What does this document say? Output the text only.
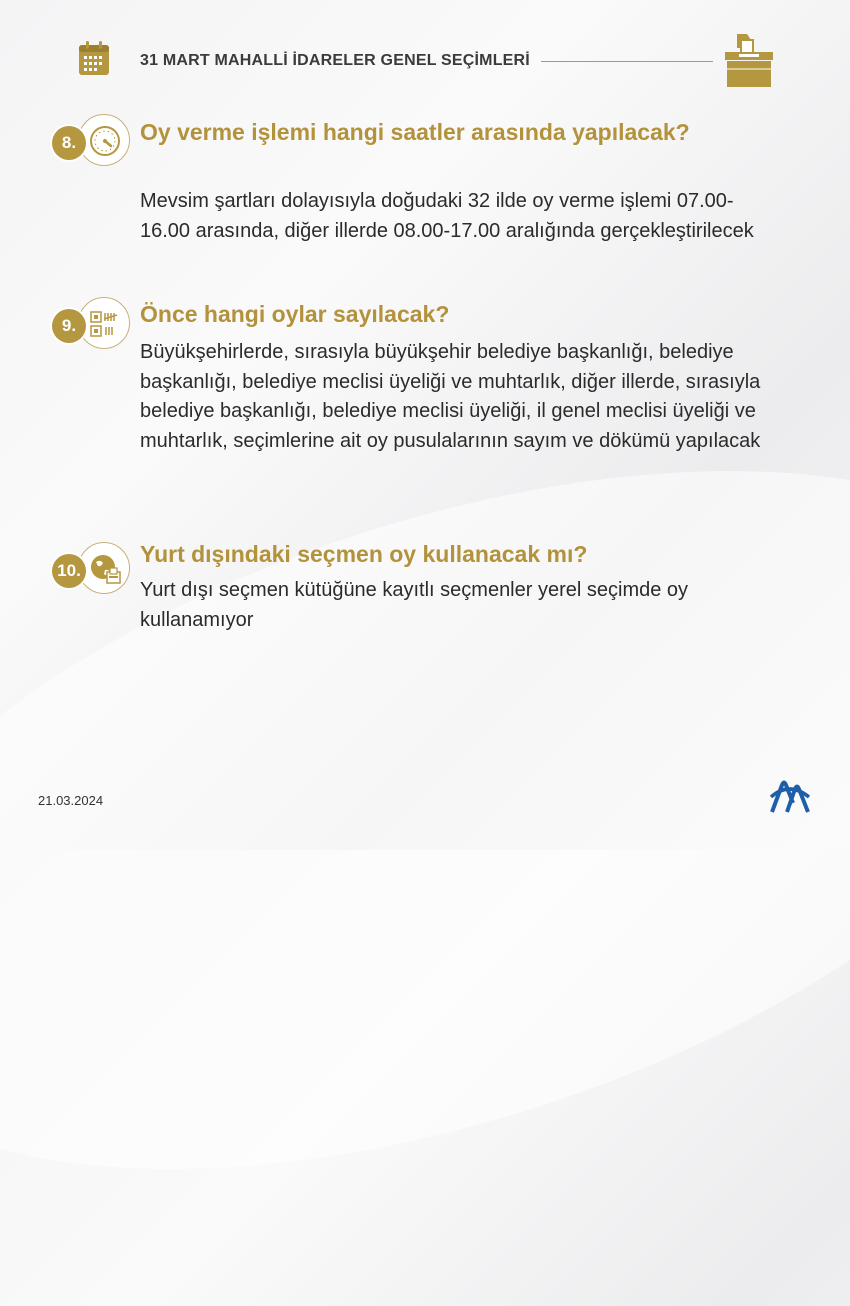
31 MART MAHALLİ İDARELER GENEL SEÇİMLERİ
8.	Oy verme işlemi hangi saatler arasında yapılacak?
Mevsim şartları dolayısıyla doğudaki 32 ilde oy verme işlemi 07.00-16.00 arasında, diğer illerde 08.00-17.00 aralığında gerçekleştirilecek
9.	Önce hangi oylar sayılacak?
Büyükşehirlerde, sırasıyla büyükşehir belediye başkanlığı, belediye başkanlığı, belediye meclisi üyeliği ve muhtarlık, diğer illerde, sırasıyla belediye başkanlığı, belediye meclisi üyeliği, il genel meclisi üyeliği ve muhtarlık, seçimlerine ait oy pusulalarının sayım ve dökümü yapılacak
10.
Yurt dışındaki seçmen oy kullanacak mı?
Yurt dışı seçmen kütüğüne kayıtlı seçmenler yerel seçimde oy kullanamıyor
21.03.2024
